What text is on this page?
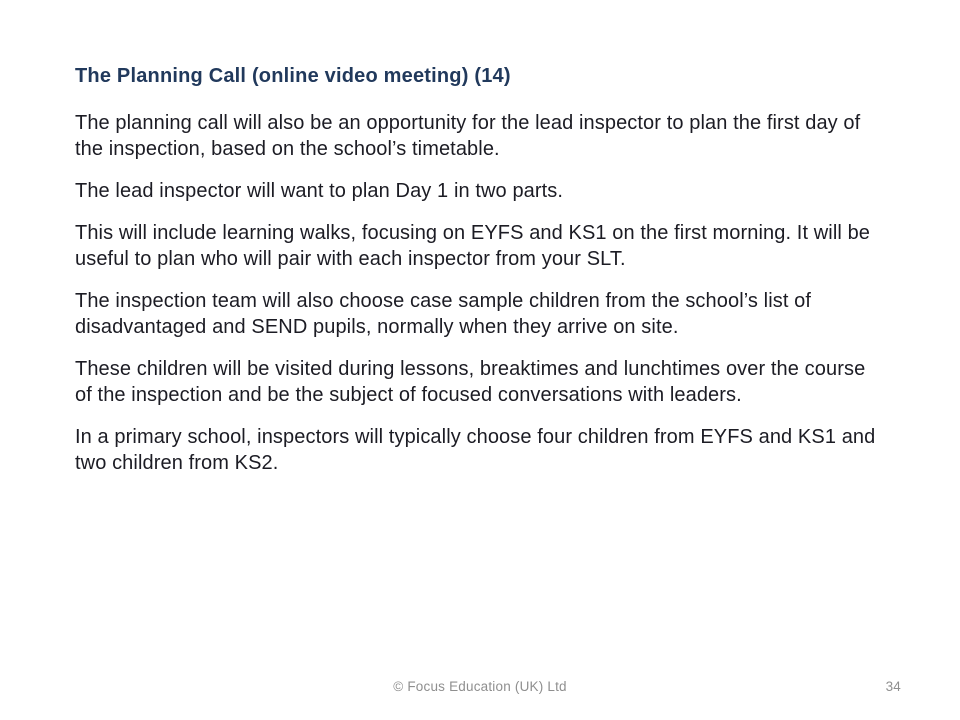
The Planning Call (online video meeting) (14)

The planning call will also be an opportunity for the lead inspector to plan the first day of the inspection, based on the school’s timetable.

The lead inspector will want to plan Day 1 in two parts.

This will include learning walks, focusing on EYFS and KS1 on the first morning. It will be useful to plan who will pair with each inspector from your SLT.

The inspection team will also choose case sample children from the school’s list of disadvantaged and SEND pupils, normally when they arrive on site.

These children will be visited during lessons, breaktimes and lunchtimes over the course of the inspection and be the subject of focused conversations with leaders.

In a primary school, inspectors will typically choose four children from EYFS and KS1 and two children from KS2.

© Focus Education (UK) Ltd	34
